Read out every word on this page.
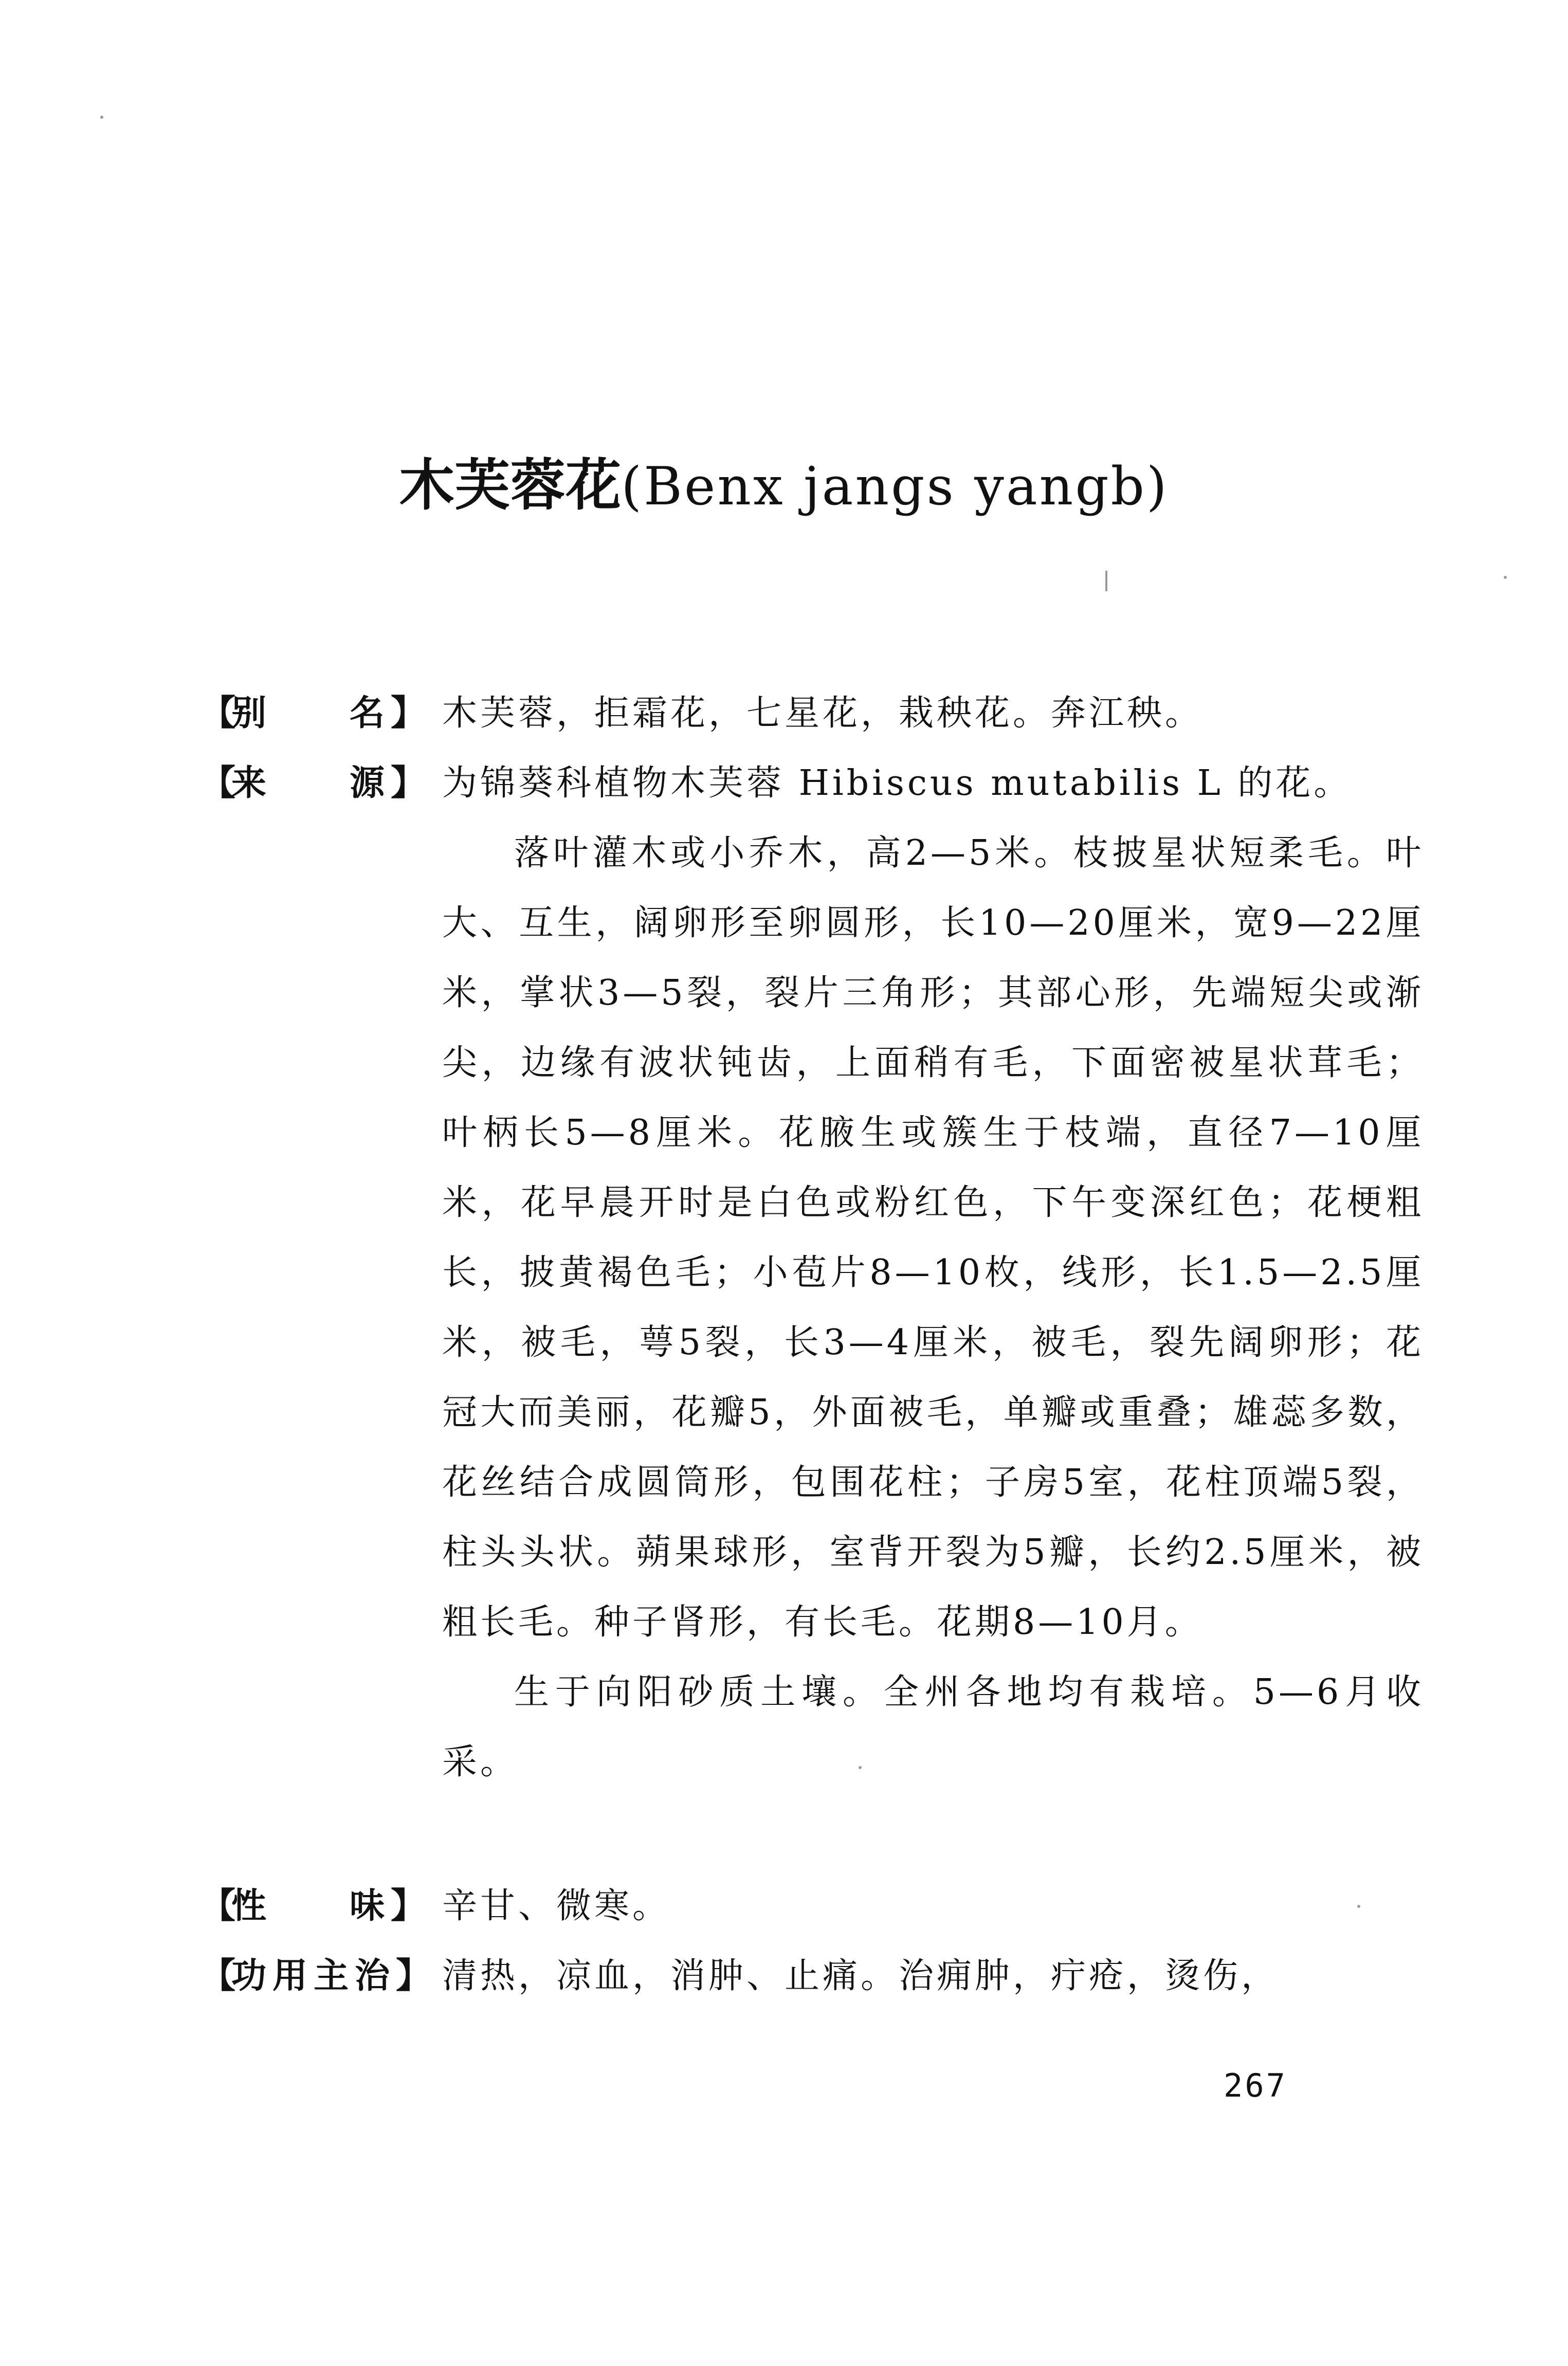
木芙蓉花(Benx jangs yangb)
【别 名 】 木芙蓉，拒霜花，七星花，栽秧花。奔江秧。
【来 源 】 为锦葵科植物木芙蓉 Hibiscus mutabilis L 的花。

落叶灌木或小乔木，高2—5米。枝披星状短柔毛。叶大、互生，阔卵形至卵圆形，长10—20厘米，宽9—22厘米，掌状3—5裂，裂片三角形；其部心形，先端短尖或渐尖，边缘有波状钝齿，上面稍有毛，下面密被星状茸毛；叶柄长5—8厘米。花腋生或簇生于枝端，直径7—10厘米，花早晨开时是白色或粉红色，下午变深红色；花梗粗长，披黄褐色毛；小苞片8—10枚，线形，长1.5—2.5厘米，被毛，萼5裂，长3—4厘米，被毛，裂先阔卵形；花冠大而美丽，花瓣5，外面被毛，单瓣或重叠；雄蕊多数，花丝结合成圆筒形，包围花柱；子房5室，花柱顶端5裂，柱头头状。蒴果球形，室背开裂为5瓣，长约2.5厘米，被粗长毛。种子肾形，有长毛。花期8—10月。

生于向阳砂质土壤。全州各地均有栽培。5—6月收采。

【性 味 】 辛甘、微寒。
【功 用 主 治 】 清热，凉血，消肿、止痛。治痈肿，疔疮，烫伤，
267
